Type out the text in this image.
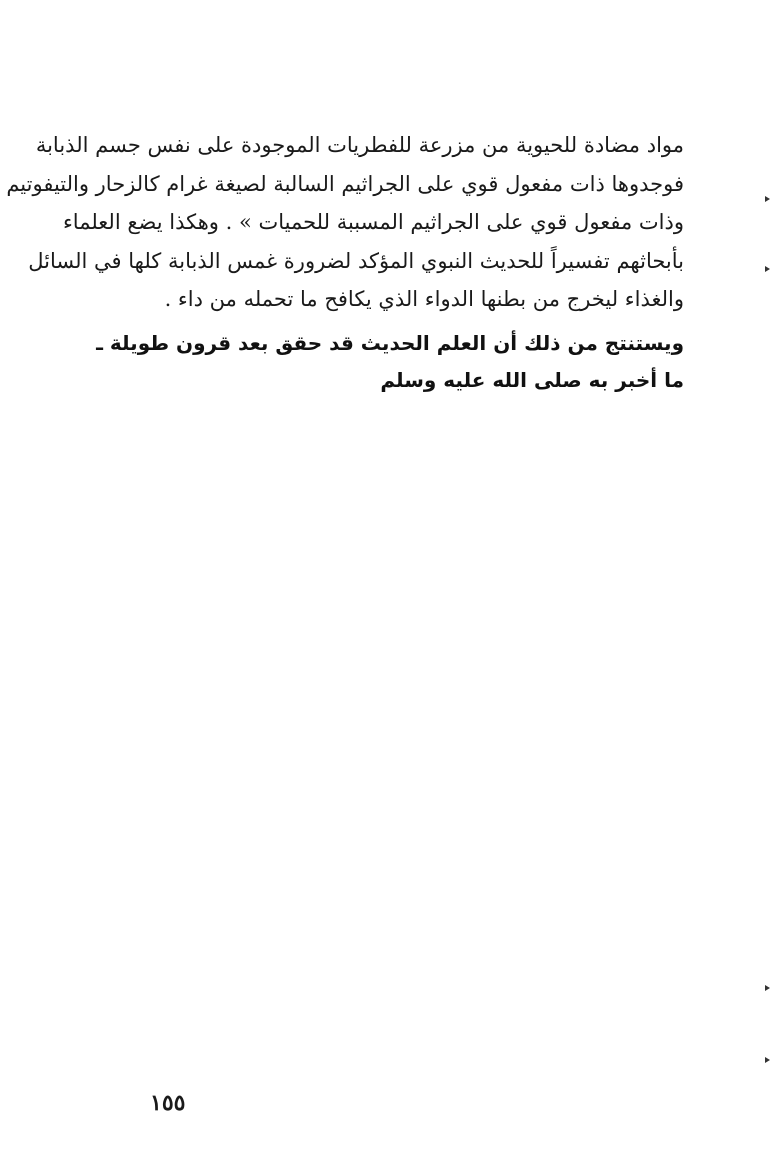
مواد مضادة للحيوية من مزرعة للفطريات الموجودة على نفس جسم الذبابة
فوجدوها ذات مفعول قوي على الجراثيم السالبة لصيغة غرام كالزحار والتيفوتيم
وذات مفعول قوي على الجراثيم المسببة للحميات » . وهكذا يضع العلماء
بأبحاثهم تفسيراً للحديث النبوي المؤكد لضرورة غمس الذبابة كلها في السائل
والغذاء ليخرج من بطنها الدواء الذي يكافح ما تحمله من داء .
ويستنتج من ذلك أن العلم الحديث قد حقق بعد قرون طويلة ـ
ما أخبر به صلى الله عليه وسلم
١٥٥
